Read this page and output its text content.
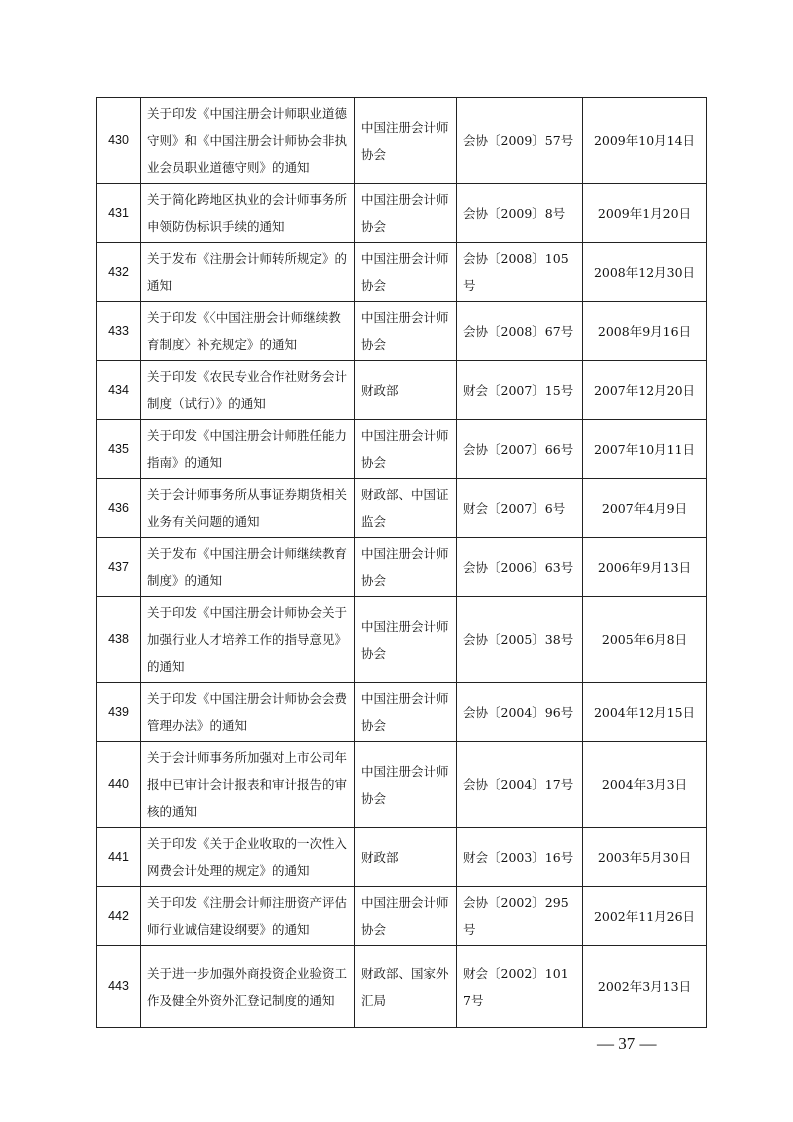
430	关于印发《中国注册会计师职业道德守则》和《中国注册会计师协会非执业会员职业道德守则》的通知	中国注册会计师协会	会协〔2009〕57号	2009年10月14日
431	关于简化跨地区执业的会计师事务所申领防伪标识手续的通知	中国注册会计师协会	会协〔2009〕8号	2009年1月20日
432	关于发布《注册会计师转所规定》的通知	中国注册会计师协会	会协〔2008〕105号	2008年12月30日
433	关于印发《〈中国注册会计师继续教育制度〉补充规定》的通知	中国注册会计师协会	会协〔2008〕67号	2008年9月16日
434	关于印发《农民专业合作社财务会计制度（试行）》的通知	财政部	财会〔2007〕15号	2007年12月20日
435	关于印发《中国注册会计师胜任能力指南》的通知	中国注册会计师协会	会协〔2007〕66号	2007年10月11日
436	关于会计师事务所从事证券期货相关业务有关问题的通知	财政部、中国证监会	财会〔2007〕6号	2007年4月9日
437	关于发布《中国注册会计师继续教育制度》的通知	中国注册会计师协会	会协〔2006〕63号	2006年9月13日
438	关于印发《中国注册会计师协会关于加强行业人才培养工作的指导意见》的通知	中国注册会计师协会	会协〔2005〕38号	2005年6月8日
439	关于印发《中国注册会计师协会会费管理办法》的通知	中国注册会计师协会	会协〔2004〕96号	2004年12月15日
440	关于会计师事务所加强对上市公司年报中已审计会计报表和审计报告的审核的通知	中国注册会计师协会	会协〔2004〕17号	2004年3月3日
441	关于印发《关于企业收取的一次性入网费会计处理的规定》的通知	财政部	财会〔2003〕16号	2003年5月30日
442	关于印发《注册会计师注册资产评估师行业诚信建设纲要》的通知	中国注册会计师协会	会协〔2002〕295号	2002年11月26日
443	关于进一步加强外商投资企业验资工作及健全外资外汇登记制度的通知	财政部、国家外汇局	财会〔2002〕1017号	2002年3月13日
— 37 —
